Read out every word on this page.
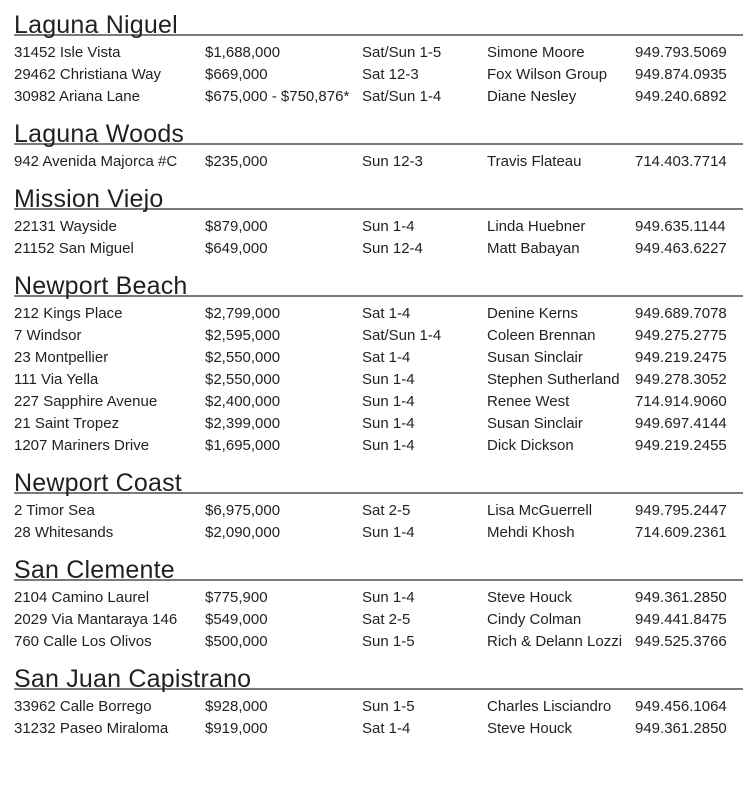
Laguna Niguel
31452 Isle Vista	$1,688,000	Sat/Sun 1-5	Simone Moore	949.793.5069
29462 Christiana Way	$669,000	Sat 12-3	Fox Wilson Group	949.874.0935
30982 Ariana Lane	$675,000 - $750,876* Sat/Sun 1-4	Diane Nesley	949.240.6892
Laguna Woods
942 Avenida Majorca #C	$235,000	Sun 12-3	Travis Flateau	714.403.7714
Mission Viejo
22131 Wayside	$879,000	Sun 1-4	Linda Huebner	949.635.1144
21152 San Miguel	$649,000	Sun 12-4	Matt Babayan	949.463.6227
Newport Beach
212 Kings Place	$2,799,000	Sat 1-4	Denine Kerns	949.689.7078
7 Windsor	$2,595,000	Sat/Sun 1-4	Coleen Brennan	949.275.2775
23 Montpellier	$2,550,000	Sat 1-4	Susan Sinclair	949.219.2475
111 Via Yella	$2,550,000	Sun 1-4	Stephen Sutherland	949.278.3052
227 Sapphire Avenue	$2,400,000	Sun 1-4	Renee West	714.914.9060
21 Saint Tropez	$2,399,000	Sun 1-4	Susan Sinclair	949.697.4144
1207 Mariners Drive	$1,695,000	Sun 1-4	Dick Dickson	949.219.2455
Newport Coast
2 Timor Sea	$6,975,000	Sat 2-5	Lisa McGuerrell	949.795.2447
28 Whitesands	$2,090,000	Sun 1-4	Mehdi Khosh	714.609.2361
San Clemente
2104 Camino Laurel	$775,900	Sun 1-4	Steve Houck	949.361.2850
2029 Via Mantaraya 146	$549,000	Sat 2-5	Cindy Colman	949.441.8475
760 Calle Los Olivos	$500,000	Sun 1-5	Rich & Delann Lozzi 949.525.3766
San Juan Capistrano
33962 Calle Borrego	$928,000	Sun 1-5	Charles Lisciandro	949.456.1064
31232 Paseo Miraloma	$919,000	Sat 1-4	Steve Houck	949.361.2850
